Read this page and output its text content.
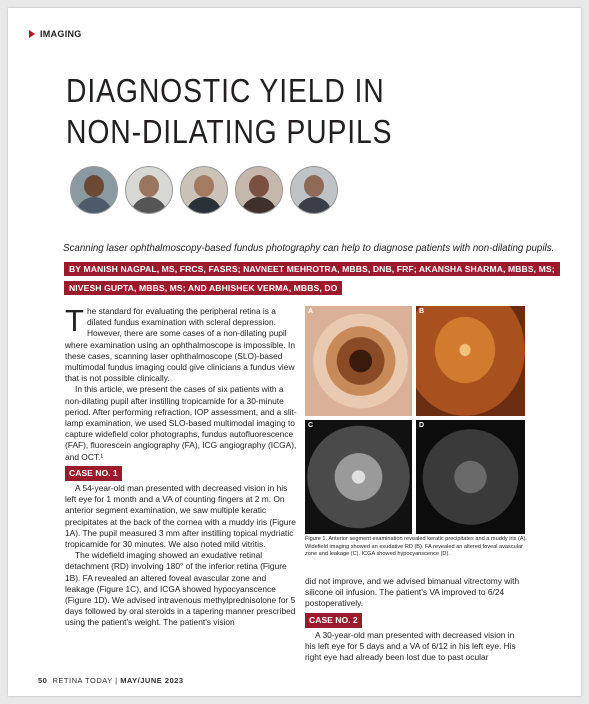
IMAGING
DIAGNOSTIC YIELD IN
NON-DILATING PUPILS
Scanning laser ophthalmoscopy-based fundus photography can help to diagnose patients with non-dilating pupils.
BY MANISH NAGPAL, MS, FRCS, FASRS; NAVNEET MEHROTRA, MBBS, DNB, FRF; AKANSHA SHARMA, MBBS, MS;
NIVESH GUPTA, MBBS, MS; AND ABHISHEK VERMA, MBBS, DO

T he standard for evaluating the peripheral retina is a dilated fundus examination with scleral depression. However, there are some cases of a non-dilating pupil where examination using an ophthalmoscope is impossible. In these cases, scanning laser ophthalmoscope (SLO)-based multimodal fundus imaging could give clinicians a fundus view that is not possible clinically.

In this article, we present the cases of six patients with a non-dilating pupil after instilling tropicamide for a 30-minute period. After performing refraction, IOP assessment, and a slit-lamp examination, we used SLO-based multimodal imaging to capture widefield color photographs, fundus autofluorescence (FAF), fluorescein angiography (FA), ICG angiography (ICGA), and OCT.¹

CASE NO. 1

A 54-year-old man presented with decreased vision in his left eye for 1 month and a VA of counting fingers at 2 m. On anterior segment examination, we saw multiple keratic precipitates at the back of the cornea with a muddy iris (Figure 1A). The pupil measured 3 mm after instilling topical mydriatic tropicamide for 30 minutes. We also noted mild vitritis.

The widefield imaging showed an exudative retinal detachment (RD) involving 180° of the inferior retina (Figure 1B). FA revealed an altered foveal avascular zone and leakage (Figure 1C), and ICGA showed hypocyanscence (Figure 1D). We advised intravenous methylprednisolone for 5 days followed by oral steroids in a tapering manner prescribed using the patient's weight. The patient's vision

A	B
C	D
Figure 1. Anterior segment examination revealed keratic precipitates and a muddy iris (A). Widefield imaging showed an exudative RD (B). FA revealed an altered foveal avascular zone and leakage (C). ICGA showed hypocyanscence (D).

did not improve, and we advised bimanual vitrectomy with silicone oil infusion. The patient's VA improved to 6/24 postoperatively.

CASE NO. 2

A 30-year-old man presented with decreased vision in his left eye for 5 days and a VA of 6/12 in his left eye. His right eye had already been lost due to past ocular

50 RETINA TODAY | MAY/JUNE 2023
